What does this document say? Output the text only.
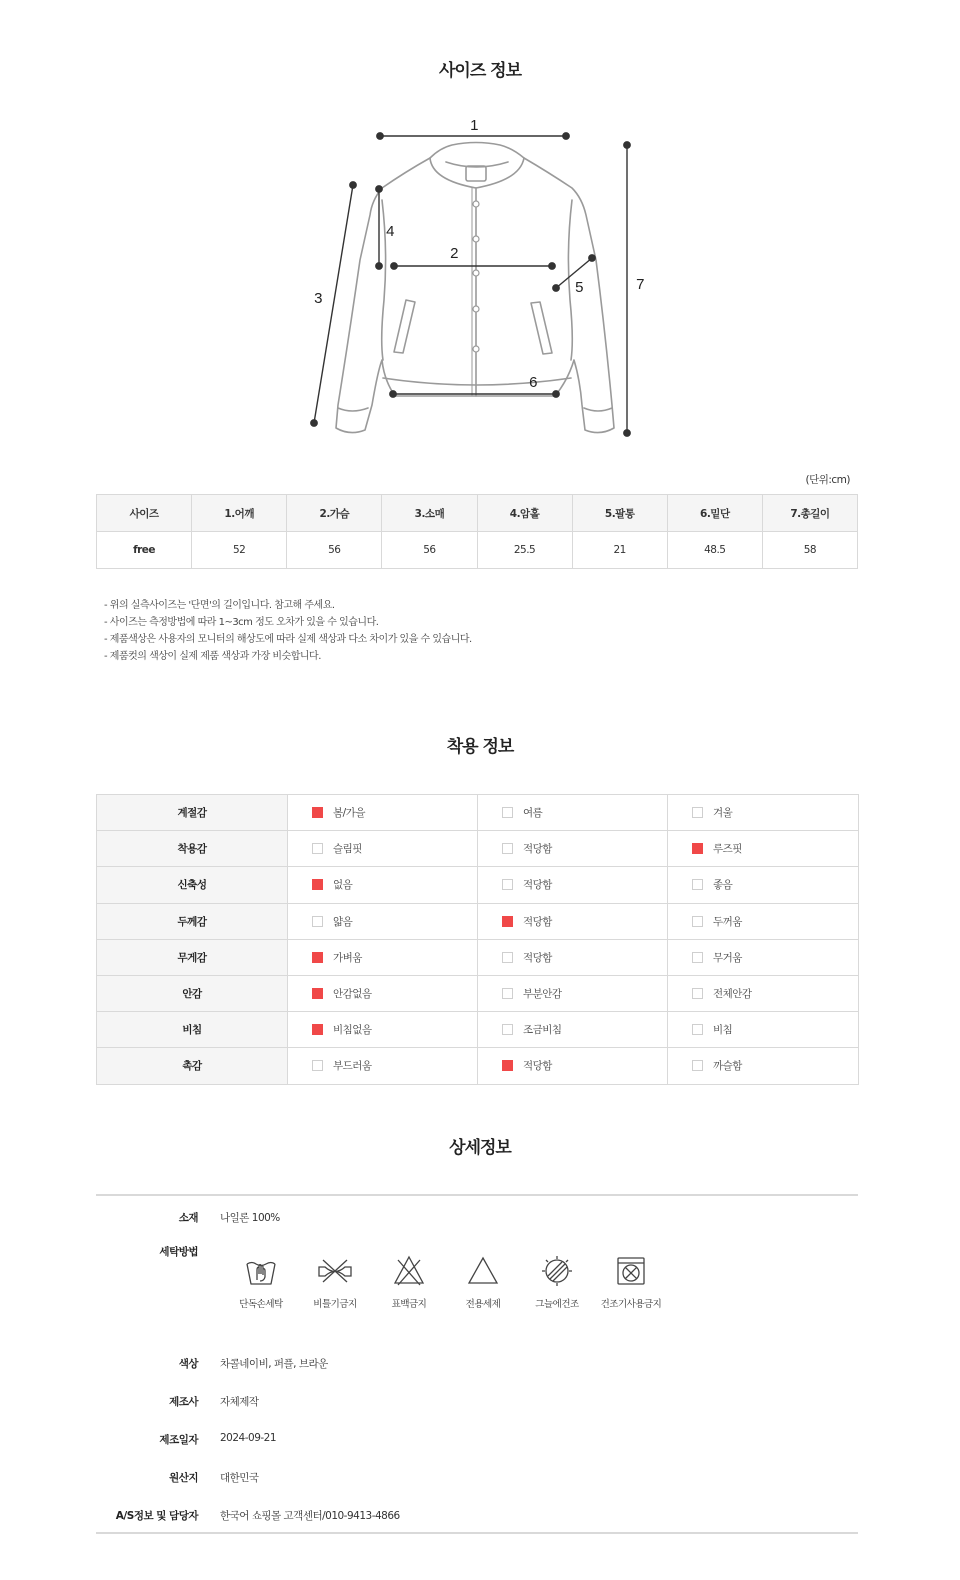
사이즈 정보
1
2
3
4
5
6
7
(단위:cm)
사이즈	1.어깨	2.가슴	3.소매	4.암홀	5.팔통	6.밑단	7.총길이
free	52	56	56	25.5	21	48.5	58
- 위의 실측사이즈는 '단면'의 길이입니다. 참고해 주세요.
- 사이즈는 측정방법에 따라 1~3cm 정도 오차가 있을 수 있습니다.
- 제품색상은 사용자의 모니터의 해상도에 따라 실제 색상과 다소 차이가 있을 수 있습니다.
- 제품컷의 색상이 실제 제품 색상과 가장 비슷합니다.
착용 정보
계절감	봄/가을	여름	겨울
착용감	슬림핏	적당함	루즈핏
신축성	없음	적당함	좋음
두께감	얇음	적당함	두꺼움
무게감	가벼움	적당함	무거움
안감	안감없음	부분안감	전체안감
비침	비침없음	조금비침	비침
촉감	부드러움	적당함	까슬함
상세정보
소재 나일론 100%
세탁방법
단독손세탁	비틀기금지	표백금지	전용세제	그늘에건조	건조기사용금지
색상 차콜네이비, 퍼플, 브라운
제조사 자체제작
제조일자 2024-09-21
원산지 대한민국
A/S정보 및 담당자 한국어 쇼핑몰 고객센터/010-9413-4866
